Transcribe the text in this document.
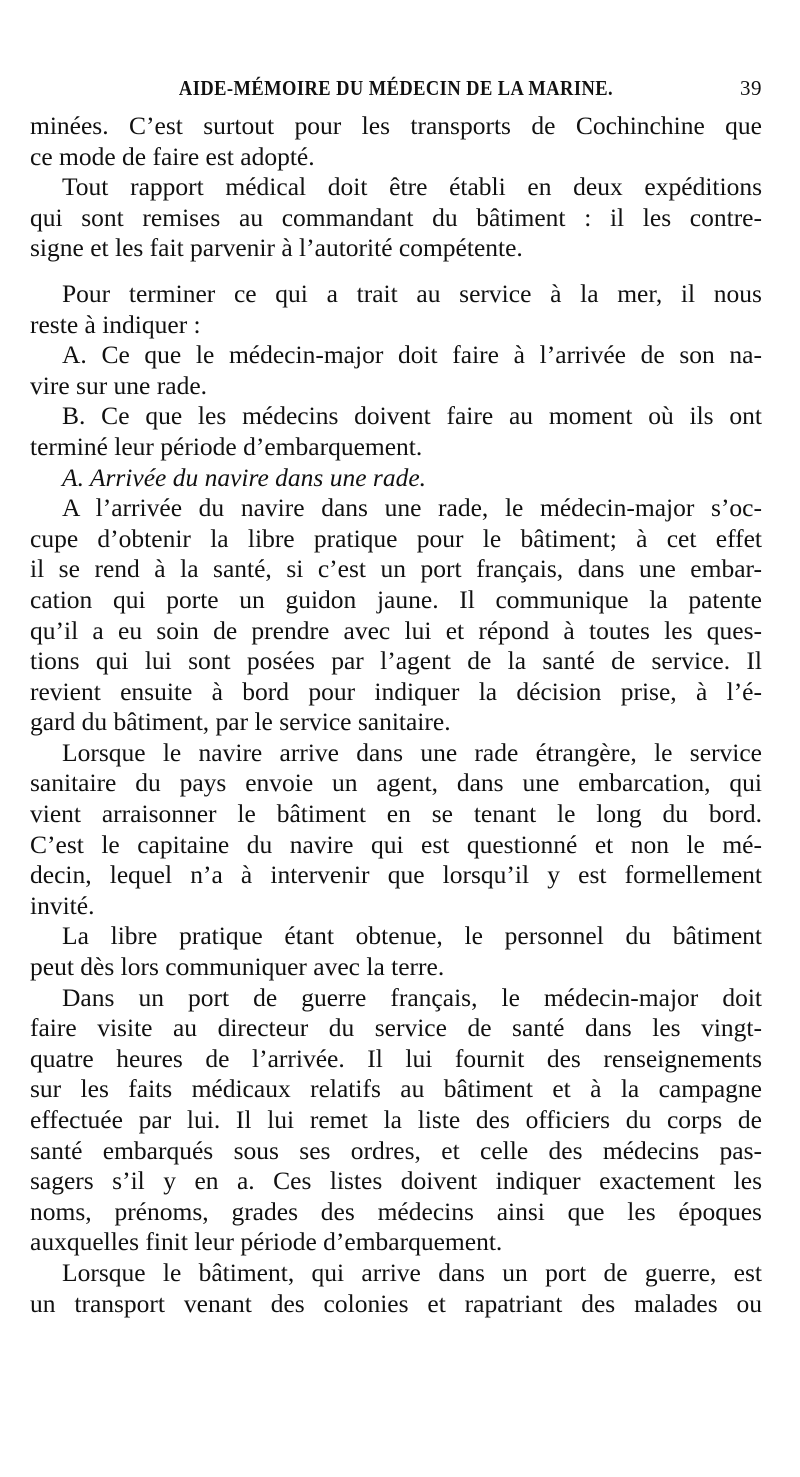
AIDE-MÉMOIRE DU MÉDECIN DE LA MARINE.	39
minées. C’est surtout pour les transports de Cochinchine que
ce mode de faire est adopté.
Tout rapport médical doit être établi en deux expéditions
qui sont remises au commandant du bâtiment : il les contre-
signe et les fait parvenir à l’autorité compétente.
Pour terminer ce qui a trait au service à la mer, il nous
reste à indiquer :
A. Ce que le médecin-major doit faire à l’arrivée de son na-
vire sur une rade.
B. Ce que les médecins doivent faire au moment où ils ont
terminé leur période d’embarquement.
A. Arrivée du navire dans une rade.
A l’arrivée du navire dans une rade, le médecin-major s’oc-
cupe d’obtenir la libre pratique pour le bâtiment; à cet effet
il se rend à la santé, si c’est un port français, dans une embar-
cation qui porte un guidon jaune. Il communique la patente
qu’il a eu soin de prendre avec lui et répond à toutes les ques-
tions qui lui sont posées par l’agent de la santé de service. Il
revient ensuite à bord pour indiquer la décision prise, à l’é-
gard du bâtiment, par le service sanitaire.
Lorsque le navire arrive dans une rade étrangère, le service
sanitaire du pays envoie un agent, dans une embarcation, qui
vient arraisonner le bâtiment en se tenant le long du bord.
C’est le capitaine du navire qui est questionné et non le mé-
decin, lequel n’a à intervenir que lorsqu’il y est formellement
invité.
La libre pratique étant obtenue, le personnel du bâtiment
peut dès lors communiquer avec la terre.
Dans un port de guerre français, le médecin-major doit
faire visite au directeur du service de santé dans les vingt-
quatre heures de l’arrivée. Il lui fournit des renseignements
sur les faits médicaux relatifs au bâtiment et à la campagne
effectuée par lui. Il lui remet la liste des officiers du corps de
santé embarqués sous ses ordres, et celle des médecins pas-
sagers s’il y en a. Ces listes doivent indiquer exactement les
noms, prénoms, grades des médecins ainsi que les époques
auxquelles finit leur période d’embarquement.
Lorsque le bâtiment, qui arrive dans un port de guerre, est
un transport venant des colonies et rapatriant des malades ou
